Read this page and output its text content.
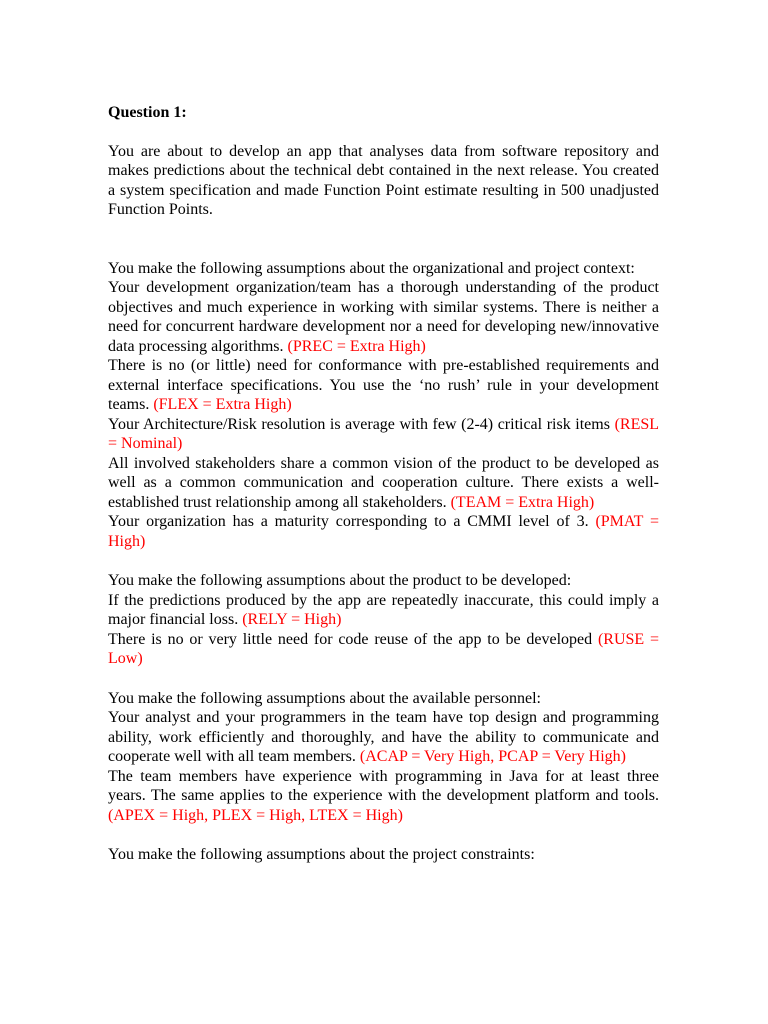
Question 1:

You are about to develop an app that analyses data from software repository and makes predictions about the technical debt contained in the next release. You created a system specification and made Function Point estimate resulting in 500 unadjusted Function Points.

You make the following assumptions about the organizational and project context:

Your development organization/team has a thorough understanding of the product objectives and much experience in working with similar systems. There is neither a need for concurrent hardware development nor a need for developing new/innovative data processing algorithms. (PREC = Extra High)

There is no (or little) need for conformance with pre-established requirements and external interface specifications. You use the ‘no rush’ rule in your development teams. (FLEX = Extra High)

Your Architecture/Risk resolution is average with few (2-4) critical risk items (RESL = Nominal)

All involved stakeholders share a common vision of the product to be developed as well as a common communication and cooperation culture. There exists a well-established trust relationship among all stakeholders. (TEAM = Extra High)

Your organization has a maturity corresponding to a CMMI level of 3. (PMAT = High)

You make the following assumptions about the product to be developed:

If the predictions produced by the app are repeatedly inaccurate, this could imply a major financial loss. (RELY = High)

There is no or very little need for code reuse of the app to be developed (RUSE = Low)

You make the following assumptions about the available personnel:

Your analyst and your programmers in the team have top design and programming ability, work efficiently and thoroughly, and have the ability to communicate and cooperate well with all team members. (ACAP = Very High, PCAP = Very High)

The team members have experience with programming in Java for at least three years. The same applies to the experience with the development platform and tools. (APEX = High, PLEX = High, LTEX = High)

You make the following assumptions about the project constraints:
